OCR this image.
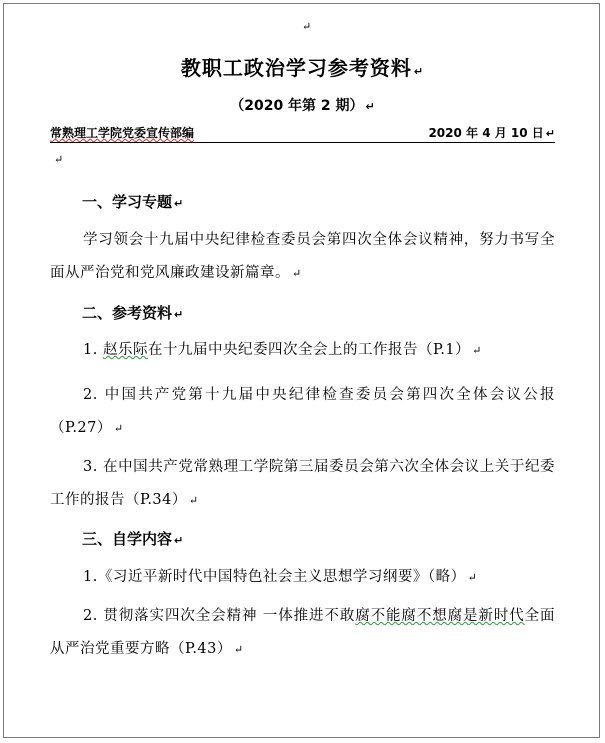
↵
教职工政治学习参考资料 ↵
（2020 年第 2 期） ↵
常熟理工学院党委宣传部编	2020 年 4 月 10 日 ↵
↵
一、学习专题 ↵
学习领会十九届中央纪律检查委员会第四次全体会议精神，努力书写全面从严治党和党风廉政建设新篇章。 ↵
二、参考资料 ↵
1. 赵乐际在十九届中央纪委四次全会上的工作报告（P.1） ↵
2. 中国共产党第十九届中央纪律检查委员会第四次全体会议公报（P.27） ↵
3. 在中国共产党常熟理工学院第三届委员会第六次全体会议上关于纪委工作的报告（P.34） ↵
三、自学内容 ↵
1.《习近平新时代中国特色社会主义思想学习纲要》（略） ↵
2. 贯彻落实四次全会精神 一体推进不敢腐不能腐不想腐是新时代全面从严治党重要方略（P.43） ↵
